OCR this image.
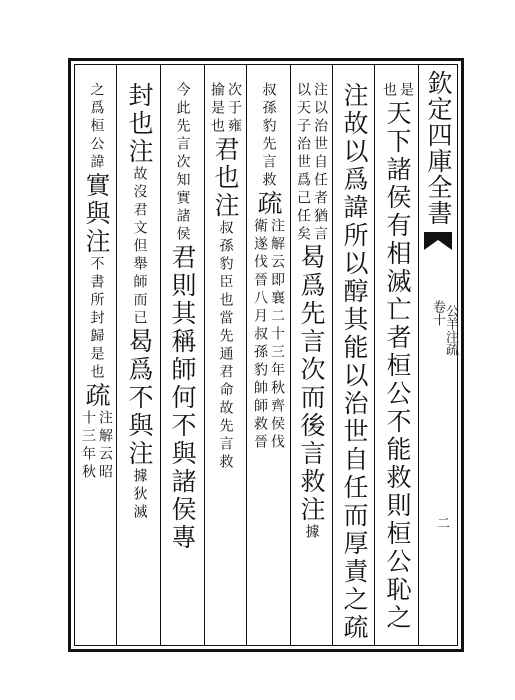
欽定四庫全書
卷十
公羊注疏
二
是
也
天下諸侯有相滅亡者桓公不能救則桓公恥之
注
故以爲諱所以醇其能以治世自任而厚責之
疏
注以治世自任者猶言
以天子治世爲己任矣
曷爲先言次而後言救
注
據
叔孫豹先言救
疏
注解云即襄二十三年秋齊侯伐
衛遂伐晉八月叔孫豹帥師救晉
次于雍
揄是也
君也
注
叔孫豹臣也當先通君命故先言救
今此先言次知實諸侯
君則其稱師何不與諸侯專
封也
注
故沒君文但舉師而已
曷爲不與
注
據狄滅
之爲桓公諱
實與
注
不書所封歸是也
疏
注解云昭
十三年秋
